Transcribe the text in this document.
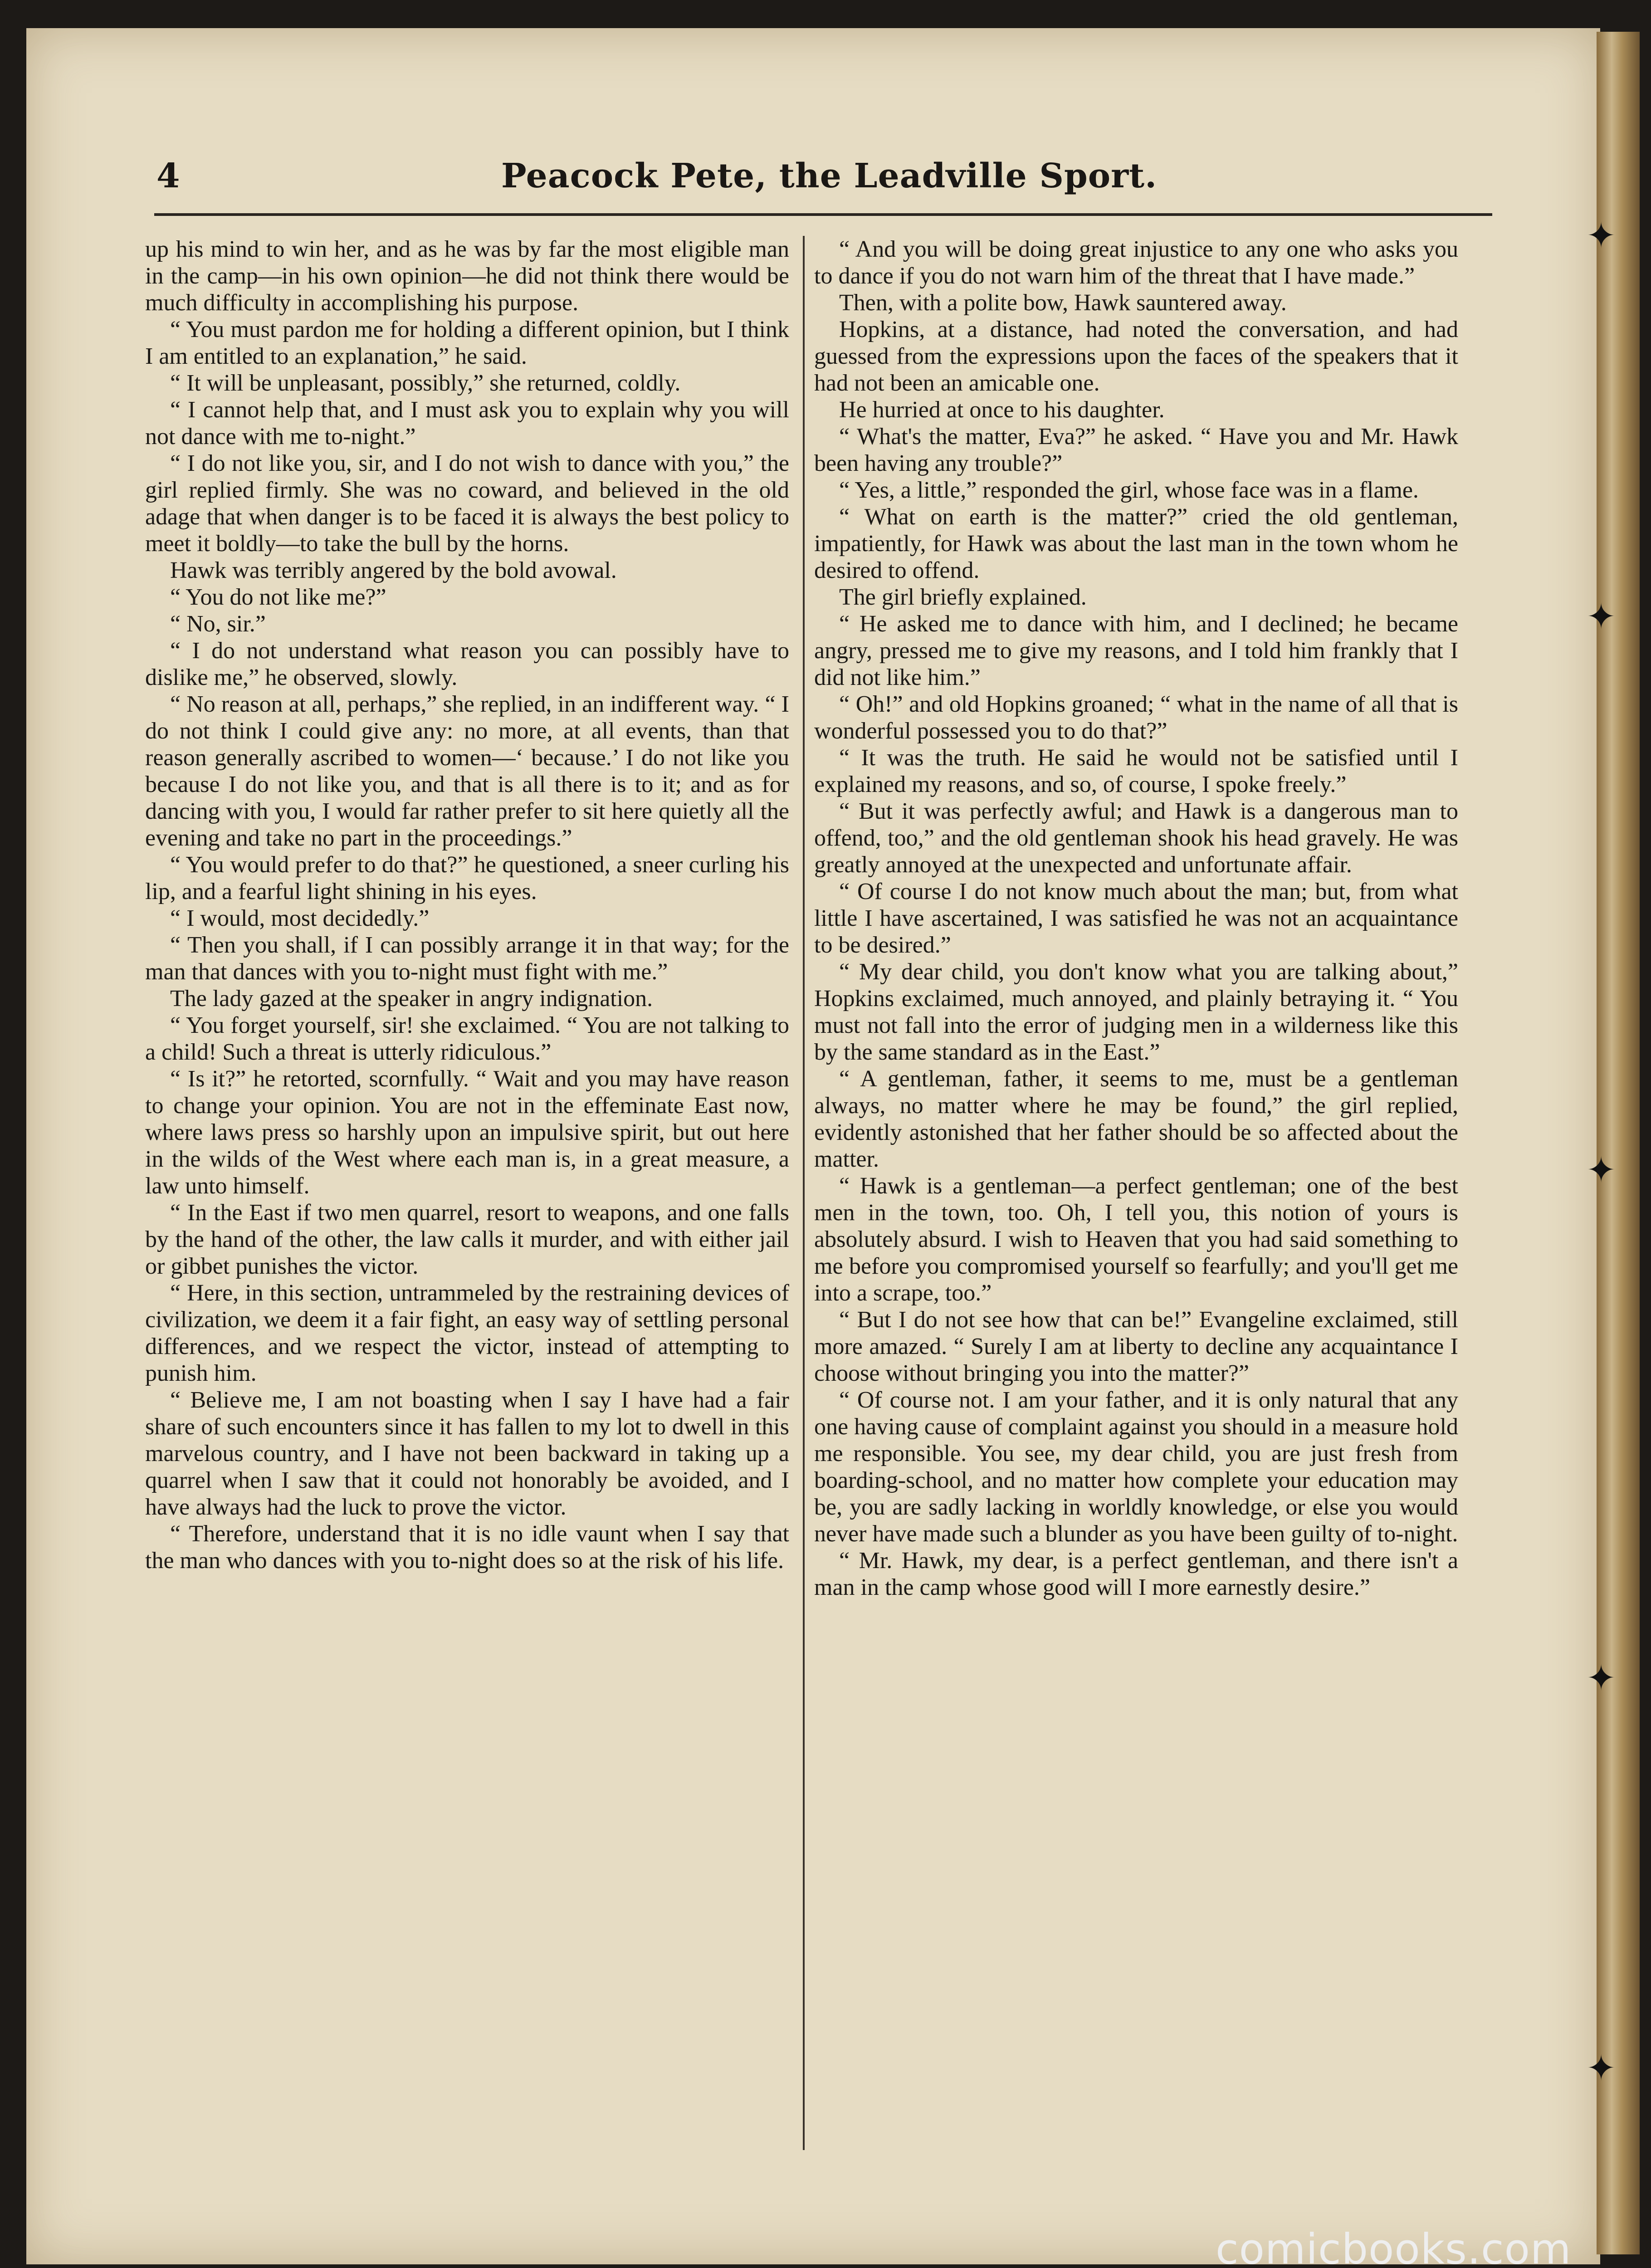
✦
✦
✦
✦
✦
4	Peacock Pete, the Leadville Sport.

up his mind to win her, and as he was by far the most eligible man in the camp—in his own opinion—he did not think there would be much difficulty in accomplishing his purpose.

“ You must pardon me for holding a different opinion, but I think I am entitled to an explanation,” he said.

“ It will be unpleasant, possibly,” she returned, coldly.

“ I cannot help that, and I must ask you to explain why you will not dance with me to-night.”

“ I do not like you, sir, and I do not wish to dance with you,” the girl replied firmly. She was no coward, and believed in the old adage that when danger is to be faced it is always the best policy to meet it boldly—to take the bull by the horns.

Hawk was terribly angered by the bold avowal.

“ You do not like me?”

“ No, sir.”

“ I do not understand what reason you can possibly have to dislike me,” he observed, slowly.

“ No reason at all, perhaps,” she replied, in an indifferent way. “ I do not think I could give any: no more, at all events, than that reason generally ascribed to women—‘ because.’ I do not like you because I do not like you, and that is all there is to it; and as for dancing with you, I would far rather prefer to sit here quietly all the evening and take no part in the proceedings.”

“ You would prefer to do that?” he questioned, a sneer curling his lip, and a fearful light shining in his eyes.

“ I would, most decidedly.”

“ Then you shall, if I can possibly arrange it in that way; for the man that dances with you to-night must fight with me.”

The lady gazed at the speaker in angry indignation.

“ You forget yourself, sir! she exclaimed. “ You are not talking to a child! Such a threat is utterly ridiculous.”

“ Is it?” he retorted, scornfully. “ Wait and you may have reason to change your opinion. You are not in the effeminate East now, where laws press so harshly upon an impulsive spirit, but out here in the wilds of the West where each man is, in a great measure, a law unto himself.

“ In the East if two men quarrel, resort to weapons, and one falls by the hand of the other, the law calls it murder, and with either jail or gibbet punishes the victor.

“ Here, in this section, untrammeled by the restraining devices of civilization, we deem it a fair fight, an easy way of settling personal differences, and we respect the victor, instead of attempting to punish him.

“ Believe me, I am not boasting when I say I have had a fair share of such encounters since it has fallen to my lot to dwell in this marvelous country, and I have not been backward in taking up a quarrel when I saw that it could not honorably be avoided, and I have always had the luck to prove the victor.

“ Therefore, understand that it is no idle vaunt when I say that the man who dances with you to-night does so at the risk of his life.

“ And you will be doing great injustice to any one who asks you to dance if you do not warn him of the threat that I have made.”

Then, with a polite bow, Hawk sauntered away.

Hopkins, at a distance, had noted the conversation, and had guessed from the expressions upon the faces of the speakers that it had not been an amicable one.

He hurried at once to his daughter.

“ What's the matter, Eva?” he asked. “ Have you and Mr. Hawk been having any trouble?”

“ Yes, a little,” responded the girl, whose face was in a flame.

“ What on earth is the matter?” cried the old gentleman, impatiently, for Hawk was about the last man in the town whom he desired to offend.

The girl briefly explained.

“ He asked me to dance with him, and I declined; he became angry, pressed me to give my reasons, and I told him frankly that I did not like him.”

“ Oh!” and old Hopkins groaned; “ what in the name of all that is wonderful possessed you to do that?”

“ It was the truth. He said he would not be satisfied until I explained my reasons, and so, of course, I spoke freely.”

“ But it was perfectly awful; and Hawk is a dangerous man to offend, too,” and the old gentleman shook his head gravely. He was greatly annoyed at the unexpected and unfortunate affair.

“ Of course I do not know much about the man; but, from what little I have ascertained, I was satisfied he was not an acquaintance to be desired.”

“ My dear child, you don't know what you are talking about,” Hopkins exclaimed, much annoyed, and plainly betraying it. “ You must not fall into the error of judging men in a wilderness like this by the same standard as in the East.”

“ A gentleman, father, it seems to me, must be a gentleman always, no matter where he may be found,” the girl replied, evidently astonished that her father should be so affected about the matter.

“ Hawk is a gentleman—a perfect gentleman; one of the best men in the town, too. Oh, I tell you, this notion of yours is absolutely absurd. I wish to Heaven that you had said something to me before you compromised yourself so fearfully; and you'll get me into a scrape, too.”

“ But I do not see how that can be!” Evangeline exclaimed, still more amazed. “ Surely I am at liberty to decline any acquaintance I choose without bringing you into the matter?”

“ Of course not. I am your father, and it is only natural that any one having cause of complaint against you should in a measure hold me responsible. You see, my dear child, you are just fresh from boarding-school, and no matter how complete your education may be, you are sadly lacking in worldly knowledge, or else you would never have made such a blunder as you have been guilty of to-night.

“ Mr. Hawk, my dear, is a perfect gentleman, and there isn't a man in the camp whose good will I more earnestly desire.”

comicbooks.com
